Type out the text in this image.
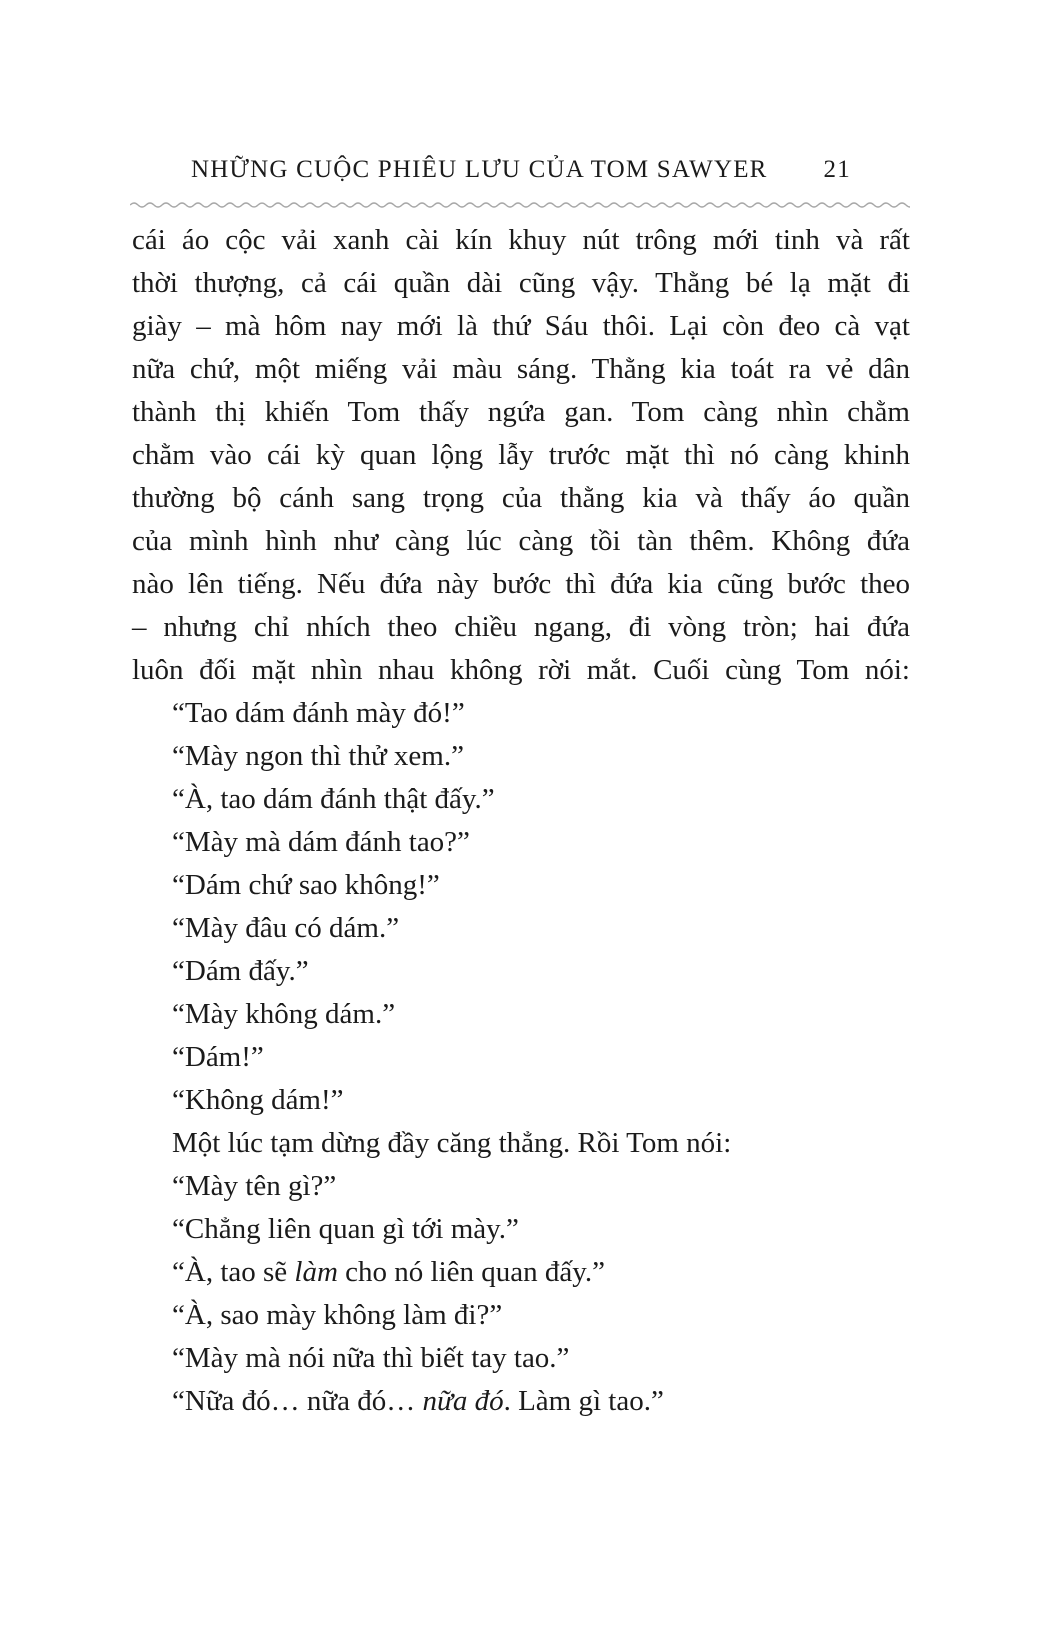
NHỮNG CUỘC PHIÊU LƯU CỦA TOM SAWYER 21
cái áo cộc vải xanh cài kín khuy nút trông mới tinh và rất
thời thượng, cả cái quần dài cũng vậy. Thằng bé lạ mặt đi
giày – mà hôm nay mới là thứ Sáu thôi. Lại còn đeo cà vạt
nữa chứ, một miếng vải màu sáng. Thằng kia toát ra vẻ dân
thành thị khiến Tom thấy ngứa gan. Tom càng nhìn chằm
chằm vào cái kỳ quan lộng lẫy trước mặt thì nó càng khinh
thường bộ cánh sang trọng của thằng kia và thấy áo quần
của mình hình như càng lúc càng tồi tàn thêm. Không đứa
nào lên tiếng. Nếu đứa này bước thì đứa kia cũng bước theo
– nhưng chỉ nhích theo chiều ngang, đi vòng tròn; hai đứa
luôn đối mặt nhìn nhau không rời mắt. Cuối cùng Tom nói:
“Tao dám đánh mày đó!”
“Mày ngon thì thử xem.”
“À, tao dám đánh thật đấy.”
“Mày mà dám đánh tao?”
“Dám chứ sao không!”
“Mày đâu có dám.”
“Dám đấy.”
“Mày không dám.”
“Dám!”
“Không dám!”
Một lúc tạm dừng đầy căng thẳng. Rồi Tom nói:
“Mày tên gì?”
“Chẳng liên quan gì tới mày.”
“À, tao sẽ làm cho nó liên quan đấy.”
“À, sao mày không làm đi?”
“Mày mà nói nữa thì biết tay tao.”
“Nữa đó… nữa đó… nữa đó. Làm gì tao.”
